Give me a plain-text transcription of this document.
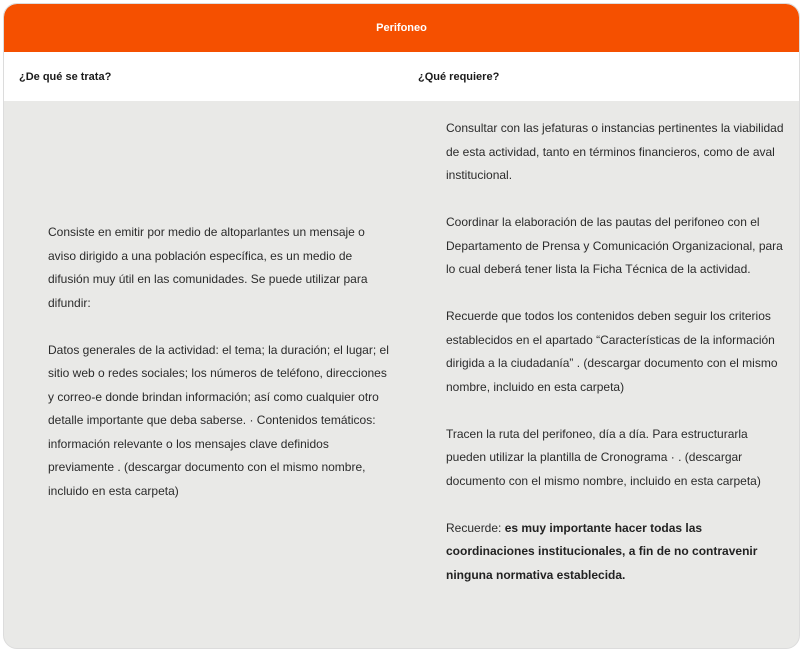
Perifoneo
¿De qué se trata?	¿Qué requiere?

Consiste en emitir por medio de altoparlantes un mensaje o aviso dirigido a una población específica, es un medio de difusión muy útil en las comunidades. Se puede utilizar para difundir:

Datos generales de la actividad: el tema; la duración; el lugar; el sitio web o redes sociales; los números de teléfono, direcciones y correo-e donde brindan información; así como cualquier otro detalle importante que deba saberse. · Contenidos temáticos: información relevante o los mensajes clave definidos previamente . (descargar documento con el mismo nombre, incluido en esta carpeta)

Consultar con las jefaturas o instancias pertinentes la viabilidad de esta actividad, tanto en términos financieros, como de aval institucional.

Coordinar la elaboración de las pautas del perifoneo con el Departamento de Prensa y Comunicación Organizacional, para lo cual deberá tener lista la Ficha Técnica de la actividad.

Recuerde que todos los contenidos deben seguir los criterios establecidos en el apartado “Características de la información dirigida a la ciudadanía” . (descargar documento con el mismo nombre, incluido en esta carpeta)

Tracen la ruta del perifoneo, día a día. Para estructurarla pueden utilizar la plantilla de Cronograma · . (descargar documento con el mismo nombre, incluido en esta carpeta)

Recuerde: es muy importante hacer todas las coordinaciones institucionales, a fin de no contravenir ninguna normativa establecida.
